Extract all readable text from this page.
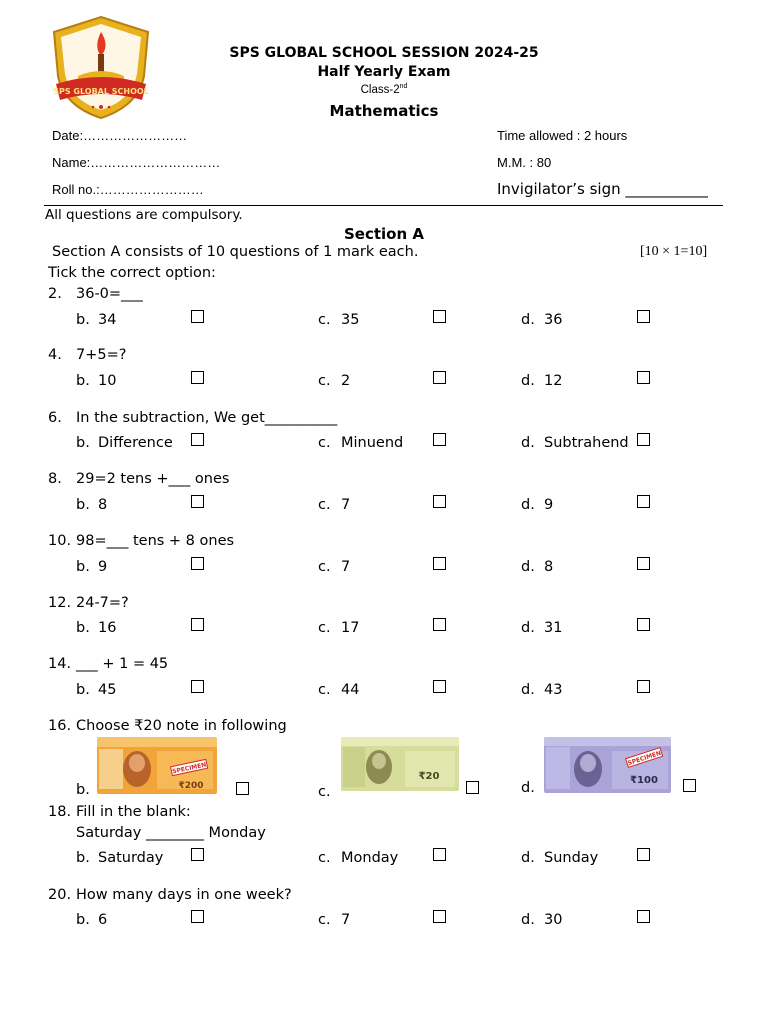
SPS GLOBAL SCHOOL
SPS GLOBAL SCHOOL SESSION 2024-25
Half Yearly Exam
Class-2nd
Mathematics
Date:……………………
Name:…………………………
Roll no.:……………………
Time allowed : 2 hours
M.M. : 80
Invigilator’s sign ___________
All questions are compulsory.
Section A
Section A consists of 10 questions of 1 mark each.	[10 × 1=10]
Tick the correct option:
2. 36-0=___
b. 34	c. 35	d. 36
4. 7+5=?
b. 10	c. 2	d. 12
6. In the subtraction, We get__________
b. Difference	c. Minuend	d. Subtrahend
8. 29=2 tens +___ ones
b. 8	c. 7	d. 9
10. 98=___ tens + 8 ones
b. 9	c. 7	d. 8
12. 24-7=?
b. 16	c. 17	d. 31
14. ___ + 1 = 45
b. 45	c. 44	d. 43
16. Choose ₹20 note in following
b.
SPECIMEN
₹200	c.
₹20
d.
SPECIMEN
₹100
18. Fill in the blank:
Saturday ________ Monday
b. Saturday	c. Monday	d. Sunday
20. How many days in one week?
b. 6	c. 7	d. 30
